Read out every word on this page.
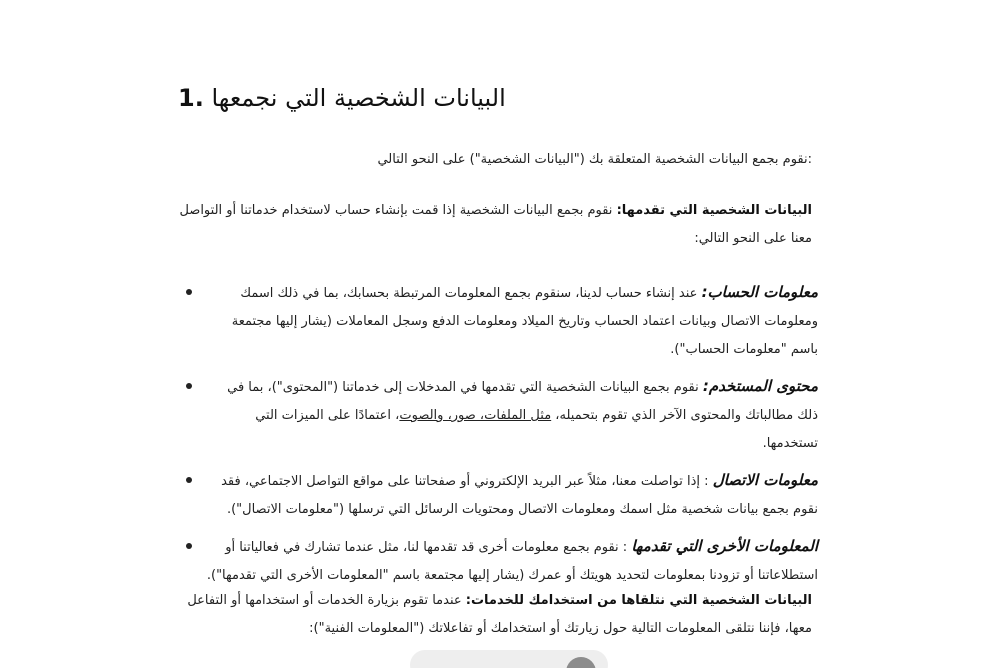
1. البيانات الشخصية التي نجمعها
:نقوم بجمع البيانات الشخصية المتعلقة بك ("البيانات الشخصية") على النحو التالي
البيانات الشخصية التي تقدمها: نقوم بجمع البيانات الشخصية إذا قمت بإنشاء حساب لاستخدام خدماتنا أو التواصل معنا على النحو التالي:
معلومات الحساب: عند إنشاء حساب لدينا، سنقوم بجمع المعلومات المرتبطة بحسابك، بما في ذلك اسمك ومعلومات الاتصال وبيانات اعتماد الحساب وتاريخ الميلاد ومعلومات الدفع وسجل المعاملات (يشار إليها مجتمعة باسم "معلومات الحساب").
محتوى المستخدم: نقوم بجمع البيانات الشخصية التي تقدمها في المدخلات إلى خدماتنا ("المحتوى")، بما في ذلك مطالباتك والمحتوى الآخر الذي تقوم بتحميله، مثل الملفات، صور، والصوت، اعتمادًا على الميزات التي تستخدمها.
معلومات الاتصال : إذا تواصلت معنا، مثلاً عبر البريد الإلكتروني أو صفحاتنا على مواقع التواصل الاجتماعي، فقد نقوم بجمع بيانات شخصية مثل اسمك ومعلومات الاتصال ومحتويات الرسائل التي ترسلها ("معلومات الاتصال").
المعلومات الأخرى التي تقدمها : نقوم بجمع معلومات أخرى قد تقدمها لنا، مثل عندما تشارك في فعالياتنا أو استطلاعاتنا أو تزودنا بمعلومات لتحديد هويتك أو عمرك (يشار إليها مجتمعة باسم "المعلومات الأخرى التي تقدمها").
البيانات الشخصية التي نتلقاها من استخدامك للخدمات: عندما تقوم بزيارة الخدمات أو استخدامها أو التفاعل معها، فإننا نتلقى المعلومات التالية حول زيارتك أو استخدامك أو تفاعلاتك ("المعلومات الفنية"):
